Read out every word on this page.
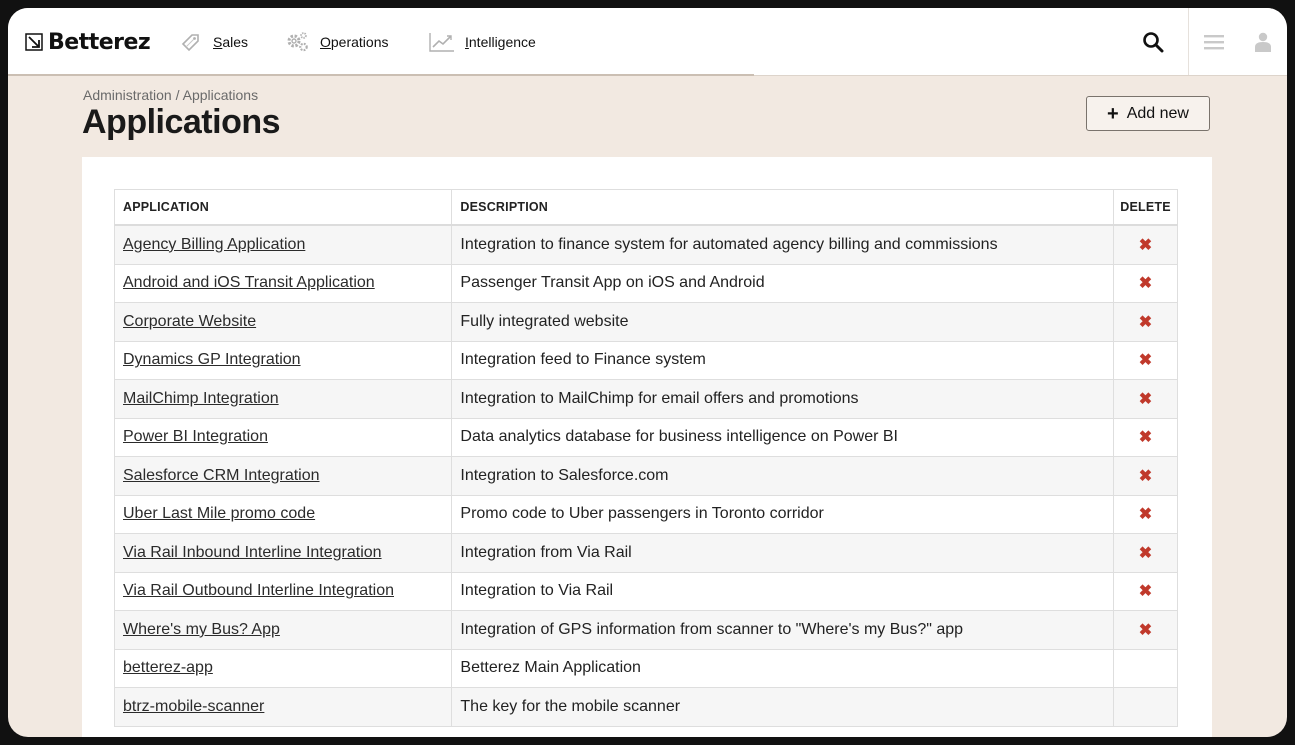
Betterez	Sales	Operations	Intelligence
Administration / Applications
Applications	+ Add new
APPLICATION	DESCRIPTION	DELETE
Agency Billing Application	Integration to finance system for automated agency billing and commissions	✖
Android and iOS Transit Application	Passenger Transit App on iOS and Android	✖
Corporate Website	Fully integrated website	✖
Dynamics GP Integration	Integration feed to Finance system	✖
MailChimp Integration	Integration to MailChimp for email offers and promotions	✖
Power BI Integration	Data analytics database for business intelligence on Power BI	✖
Salesforce CRM Integration	Integration to Salesforce.com	✖
Uber Last Mile promo code	Promo code to Uber passengers in Toronto corridor	✖
Via Rail Inbound Interline Integration	Integration from Via Rail	✖
Via Rail Outbound Interline Integration	Integration to Via Rail	✖
Where's my Bus? App	Integration of GPS information from scanner to "Where's my Bus?" app	✖
betterez-app	Betterez Main Application	
btrz-mobile-scanner	The key for the mobile scanner	
